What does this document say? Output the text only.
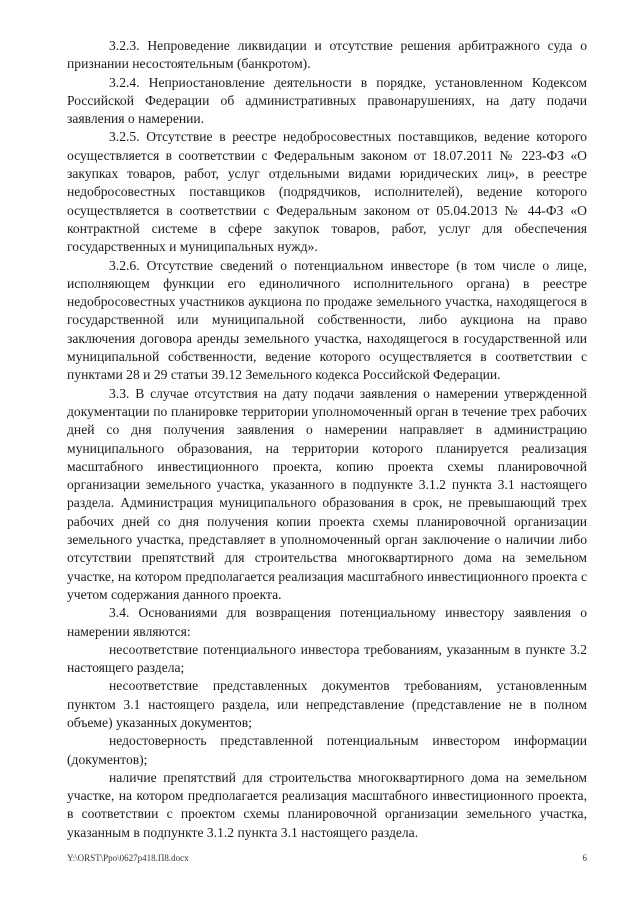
3.2.3. Непроведение ликвидации и отсутствие решения арбитражного суда о признании несостоятельным (банкротом).

3.2.4. Неприостановление деятельности в порядке, установленном Кодексом Российской Федерации об административных правонарушениях, на дату подачи заявления о намерении.

3.2.5. Отсутствие в реестре недобросовестных поставщиков, ведение которого осуществляется в соответствии с Федеральным законом от 18.07.2011 № 223-ФЗ «О закупках товаров, работ, услуг отдельными видами юридических лиц», в реестре недобросовестных поставщиков (подрядчиков, исполнителей), ведение которого осуществляется в соответствии с Федеральным законом от 05.04.2013 № 44-ФЗ «О контрактной системе в сфере закупок товаров, работ, услуг для обеспечения государственных и муниципальных нужд».

3.2.6. Отсутствие сведений о потенциальном инвесторе (в том числе о лице, исполняющем функции его единоличного исполнительного органа) в реестре недобросовестных участников аукциона по продаже земельного участка, находящегося в государственной или муниципальной собственности, либо аукциона на право заключения договора аренды земельного участка, находящегося в государственной или муниципальной собственности, ведение которого осуществляется в соответствии с пунктами 28 и 29 статьи 39.12 Земельного кодекса Российской Федерации.

3.3. В случае отсутствия на дату подачи заявления о намерении утвержденной документации по планировке территории уполномоченный орган в течение трех рабочих дней со дня получения заявления о намерении направляет в администрацию муниципального образования, на территории которого планируется реализация масштабного инвестиционного проекта, копию проекта схемы планировочной организации земельного участка, указанного в подпункте 3.1.2 пункта 3.1 настоящего раздела. Администрация муниципального образования в срок, не превышающий трех рабочих дней со дня получения копии проекта схемы планировочной организации земельного участка, представляет в уполномоченный орган заключение о наличии либо отсутствии препятствий для строительства многоквартирного дома на земельном участке, на котором предполагается реализация масштабного инвестиционного проекта с учетом содержания данного проекта.

3.4. Основаниями для возвращения потенциальному инвестору заявления о намерении являются:

несоответствие потенциального инвестора требованиям, указанным в пункте 3.2 настоящего раздела;

несоответствие представленных документов требованиям, установленным пунктом 3.1 настоящего раздела, или непредставление (представление не в полном объеме) указанных документов;

недостоверность представленной потенциальным инвестором информации (документов);

наличие препятствий для строительства многоквартирного дома на земельном участке, на котором предполагается реализация масштабного инвестиционного проекта, в соответствии с проектом схемы планировочной организации земельного участка, указанным в подпункте 3.1.2 пункта 3.1 настоящего раздела.

Y:\ORST\Ppo\0627p418.П8.docx	6
